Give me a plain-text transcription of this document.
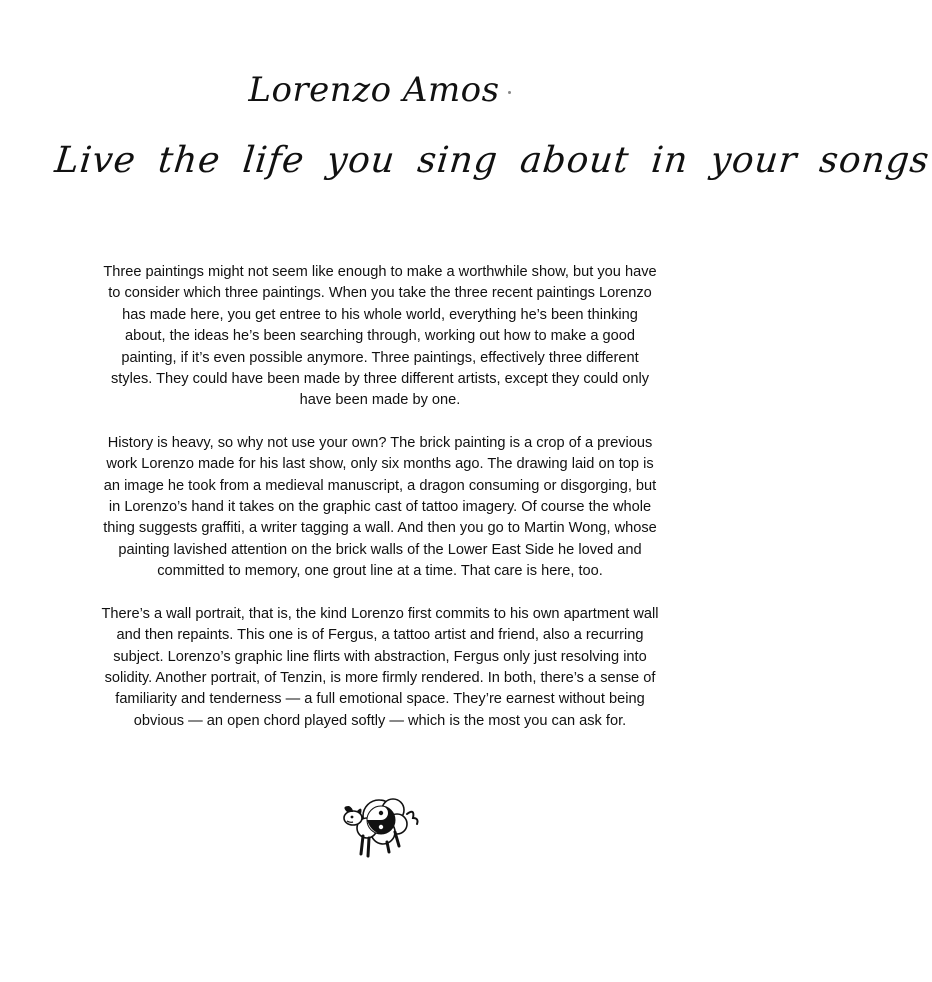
Lorenzo Amos
Live the life you sing about in your songs

Three paintings might not seem like enough to make a worthwhile show, but you have to consider which three paintings. When you take the three recent paintings Lorenzo has made here, you get entree to his whole world, everything he’s been thinking about, the ideas he’s been searching through, working out how to make a good painting, if it’s even possible anymore. Three paintings, effectively three different styles. They could have been made by three different artists, except they could only have been made by one.

History is heavy, so why not use your own? The brick painting is a crop of a previous work Lorenzo made for his last show, only six months ago. The drawing laid on top is an image he took from a medieval manuscript, a dragon consuming or disgorging, but in Lorenzo’s hand it takes on the graphic cast of tattoo imagery. Of course the whole thing suggests graffiti, a writer tagging a wall. And then you go to Martin Wong, whose painting lavished attention on the brick walls of the Lower East Side he loved and committed to memory, one grout line at a time. That care is here, too.

There’s a wall portrait, that is, the kind Lorenzo first commits to his own apartment wall and then repaints. This one is of Fergus, a tattoo artist and friend, also a recurring subject. Lorenzo’s graphic line flirts with abstraction, Fergus only just resolving into solidity. Another portrait, of Tenzin, is more firmly rendered. In both, there’s a sense of familiarity and tenderness — a full emotional space. They’re earnest without being obvious — an open chord played softly — which is the most you can ask for.
